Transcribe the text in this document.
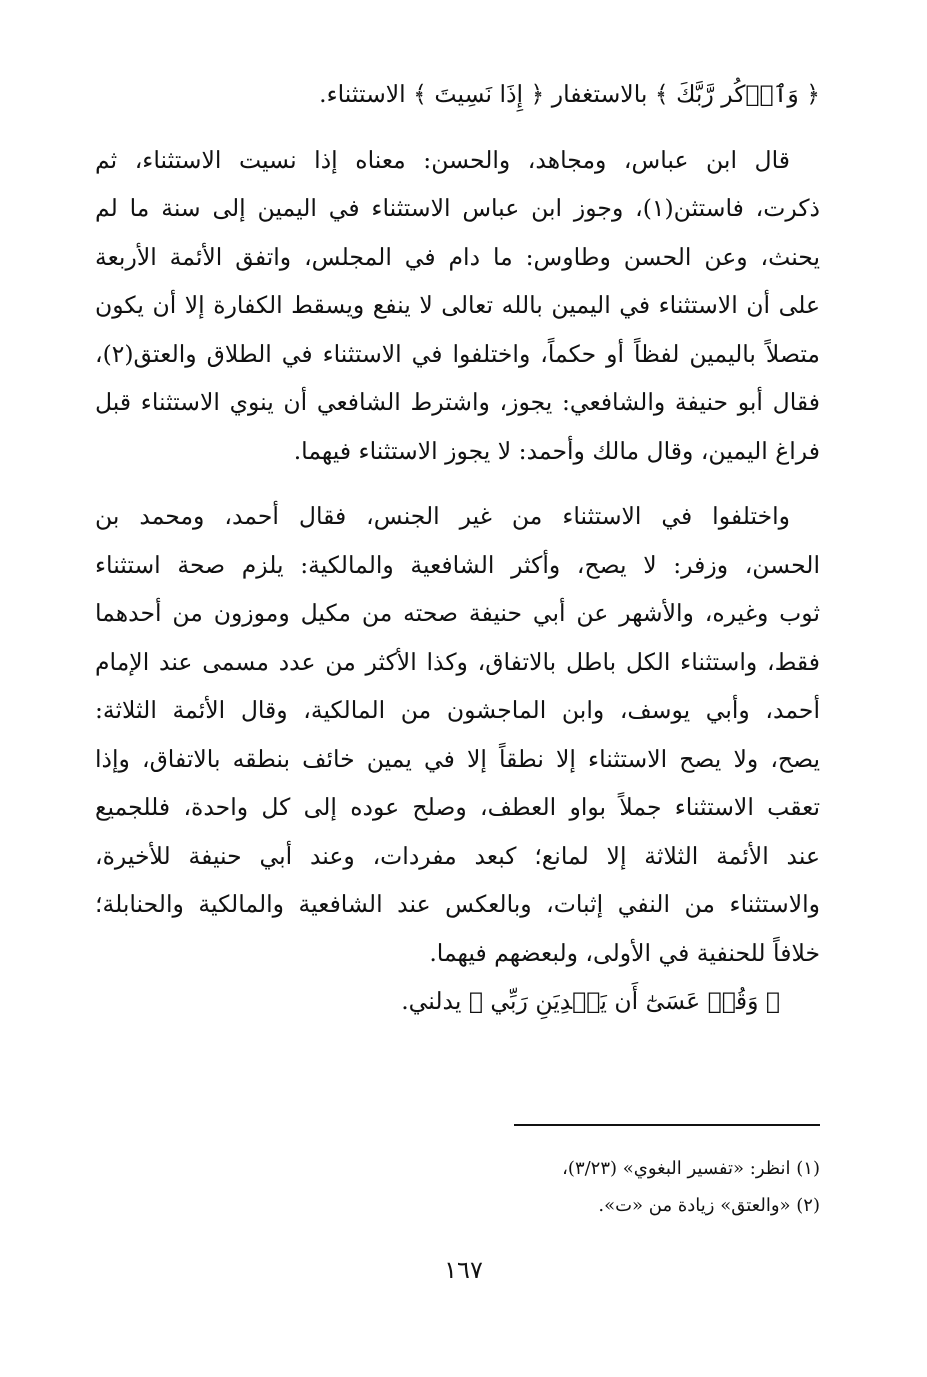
﴿ وَٱذۡكُر رَّبَّكَ ﴾ بالاستغفار ﴿ إِذَا نَسِيتَ ﴾ الاستثناء.
قال ابن عباس، ومجاهد، والحسن: معناه إذا نسيت الاستثناء، ثم
ذكرت، فاستثن(١)، وجوز ابن عباس الاستثناء في اليمين إلى سنة ما لم
يحنث، وعن الحسن وطاوس: ما دام في المجلس، واتفق الأئمة الأربعة
على أن الاستثناء في اليمين بالله تعالى لا ينفع ويسقط الكفارة إلا أن يكون
متصلاً باليمين لفظاً أو حكماً، واختلفوا في الاستثناء في الطلاق والعتق(٢)،
فقال أبو حنيفة والشافعي: يجوز، واشترط الشافعي أن ينوي الاستثناء قبل
فراغ اليمين، وقال مالك وأحمد: لا يجوز الاستثناء فيهما.
واختلفوا في الاستثناء من غير الجنس، فقال أحمد، ومحمد بن
الحسن، وزفر: لا يصح، وأكثر الشافعية والمالكية: يلزم صحة استثناء
ثوب وغيره، والأشهر عن أبي حنيفة صحته من مكيل وموزون من أحدهما
فقط، واستثناء الكل باطل بالاتفاق، وكذا الأكثر من عدد مسمى عند الإمام
أحمد، وأبي يوسف، وابن الماجشون من المالكية، وقال الأئمة الثلاثة:
يصح، ولا يصح الاستثناء إلا نطقاً إلا في يمين خائف بنطقه بالاتفاق، وإذا
تعقب الاستثناء جملاً بواو العطف، وصلح عوده إلى كل واحدة، فللجميع
عند الأئمة الثلاثة إلا لمانع؛ كبعد مفردات، وعند أبي حنيفة للأخيرة،
والاستثناء من النفي إثبات، وبالعكس عند الشافعية والمالكية والحنابلة؛
خلافاً للحنفية في الأولى، ولبعضهم فيهما.
﴿ وَقُلۡ عَسَىٰٓ أَن يَهۡدِيَنِ رَبِّي ﴾ يدلني.
(١) انظر: «تفسير البغوي» (٣/٢٣)،
(٢) «والعتق» زيادة من «ت».
١٦٧
